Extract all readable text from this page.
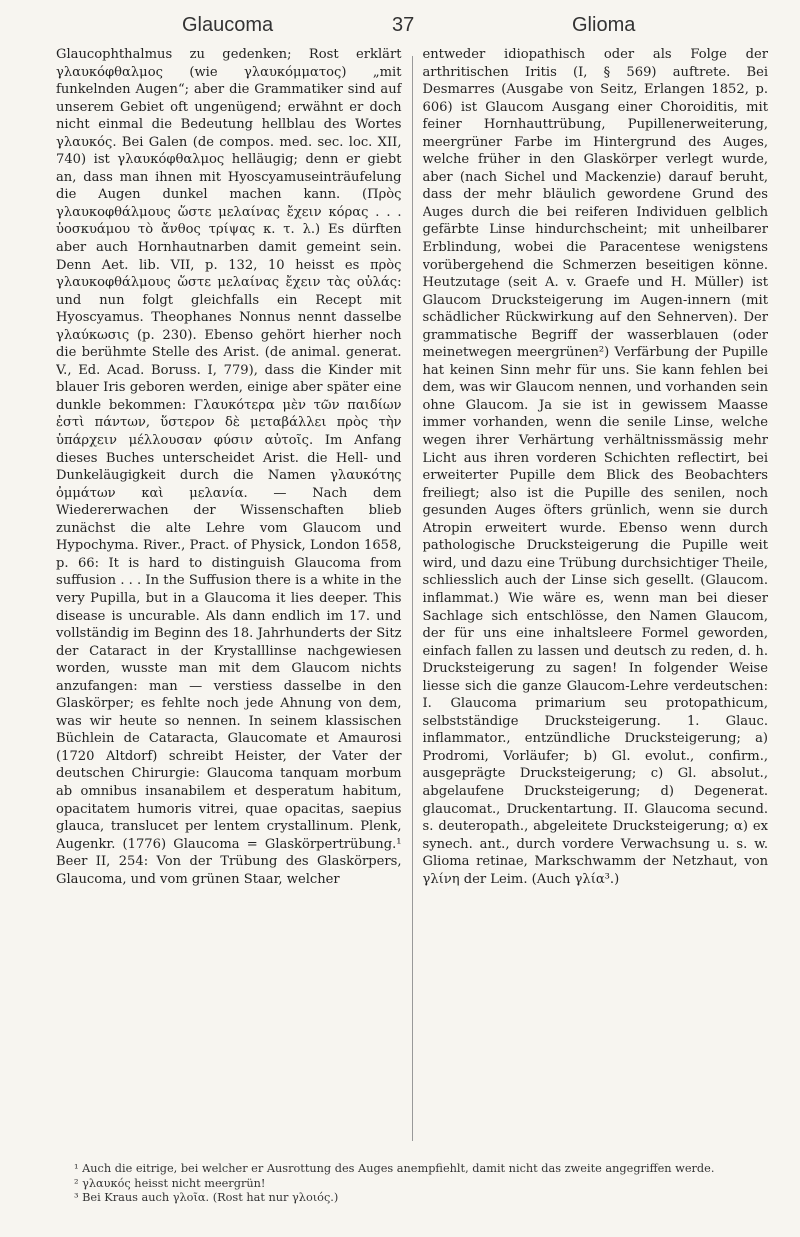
Glaucoma	37	Glioma

Glaucophthalmus zu gedenken; Rost erklärt γλαυκόφθαλμος (wie γλαυκόμματος) „mit funkelnden Augen“; aber die Grammatiker sind auf unserem Gebiet oft ungenügend; erwähnt er doch nicht einmal die Bedeutung hellblau des Wortes γλαυκός. Bei Galen (de compos. med. sec. loc. XII, 740) ist γλαυκόφθαλμος helläugig; denn er giebt an, dass man ihnen mit Hyoscyamuseinträufelung die Augen dunkel machen kann. (Πρὸς γλαυκοφθάλμους ὥστε μελαίνας ἔχειν κόρας . . . ὑοσκυάμου τὸ ἄνθος τρίψας κ. τ. λ.) Es dürften aber auch Hornhautnarben damit gemeint sein. Denn Aet. lib. VII, p. 132, 10 heisst es πρὸς γλαυκοφθάλμους ὥστε μελαίνας ἔχειν τὰς οὐλάς: und nun folgt gleichfalls ein Recept mit Hyoscyamus. Theophanes Nonnus nennt dasselbe γλαύκωσις (p. 230). Ebenso gehört hierher noch die berühmte Stelle des Arist. (de animal. generat. V., Ed. Acad. Boruss. I, 779), dass die Kinder mit blauer Iris geboren werden, einige aber später eine dunkle bekommen: Γλαυκότερα μὲν τῶν παιδίων ἐστὶ πάντων, ὕστερον δὲ μεταβάλλει πρὸς τὴν ὑπάρχειν μέλλουσαν φύσιν αὐτοῖς. Im Anfang dieses Buches unterscheidet Arist. die Hell- und Dunkeläugigkeit durch die Namen γλαυκότης ὀμμάτων καὶ μελανία. — Nach dem Wiedererwachen der Wissenschaften blieb zunächst die alte Lehre vom Glaucom und Hypochyma. River., Pract. of Physick, London 1658, p. 66: It is hard to distinguish Glaucoma from suffusion . . . In the Suffusion there is a white in the very Pupilla, but in a Glaucoma it lies deeper. This disease is uncurable. Als dann endlich im 17. und vollständig im Beginn des 18. Jahrhunderts der Sitz der Cataract in der Krystalllinse nachgewiesen worden, wusste man mit dem Glaucom nichts anzufangen: man — verstiess dasselbe in den Glaskörper; es fehlte noch jede Ahnung von dem, was wir heute so nennen. In seinem klassischen Büchlein de Cataracta, Glaucomate et Amaurosi (1720 Altdorf) schreibt Heister, der Vater der deutschen Chirurgie: Glaucoma tanquam morbum ab omnibus insanabilem et desperatum habitum, opacitatem humoris vitrei, quae opacitas, saepius glauca, translucet per lentem crystallinum. Plenk, Augenkr. (1776) Glaucoma = Glaskörpertrübung.¹ Beer II, 254: Von der Trübung des Glaskörpers, Glaucoma, und vom grünen Staar, welcher

entweder idiopathisch oder als Folge der arthritischen Iritis (I, § 569) auftrete. Bei Desmarres (Ausgabe von Seitz, Erlangen 1852, p. 606) ist Glaucom Ausgang einer Choroiditis, mit feiner Hornhauttrübung, Pupillenerweiterung, meergrüner Farbe im Hintergrund des Auges, welche früher in den Glaskörper verlegt wurde, aber (nach Sichel und Mackenzie) darauf beruht, dass der mehr bläulich gewordene Grund des Auges durch die bei reiferen Individuen gelblich gefärbte Linse hindurchscheint; mit unheilbarer Erblindung, wobei die Paracentese wenigstens vorübergehend die Schmerzen beseitigen könne. Heutzutage (seit A. v. Graefe und H. Müller) ist Glaucom Drucksteigerung im Augen-innern (mit schädlicher Rückwirkung auf den Sehnerven). Der grammatische Begriff der wasserblauen (oder meinetwegen meergrünen²) Verfärbung der Pupille hat keinen Sinn mehr für uns. Sie kann fehlen bei dem, was wir Glaucom nennen, und vorhanden sein ohne Glaucom. Ja sie ist in gewissem Maasse immer vorhanden, wenn die senile Linse, welche wegen ihrer Verhärtung verhältnissmässig mehr Licht aus ihren vorderen Schichten reflectirt, bei erweiterter Pupille dem Blick des Beobachters freiliegt; also ist die Pupille des senilen, noch gesunden Auges öfters grünlich, wenn sie durch Atropin erweitert wurde. Ebenso wenn durch pathologische Drucksteigerung die Pupille weit wird, und dazu eine Trübung durchsichtiger Theile, schliesslich auch der Linse sich gesellt. (Glaucom. inflammat.) Wie wäre es, wenn man bei dieser Sachlage sich entschlösse, den Namen Glaucom, der für uns eine inhaltsleere Formel geworden, einfach fallen zu lassen und deutsch zu reden, d. h. Drucksteigerung zu sagen! In folgender Weise liesse sich die ganze Glaucom-Lehre verdeutschen: I. Glaucoma primarium seu protopathicum, selbstständige Drucksteigerung. 1. Glauc. inflammator., entzündliche Drucksteigerung; a) Prodromi, Vorläufer; b) Gl. evolut., confirm., ausgeprägte Drucksteigerung; c) Gl. absolut., abgelaufene Drucksteigerung; d) Degenerat. glaucomat., Druckentartung. II. Glaucoma secund. s. deuteropath., abgeleitete Drucksteigerung; α) ex synech. ant., durch vordere Verwachsung u. s. w. Glioma retinae, Markschwamm der Netzhaut, von γλίνη der Leim. (Auch γλία³.)

¹ Auch die eitrige, bei welcher er Ausrottung des Auges anempfiehlt, damit nicht das zweite angegriffen werde.

² γλαυκός heisst nicht meergrün!

³ Bei Kraus auch γλοῖα. (Rost hat nur γλοιός.)
